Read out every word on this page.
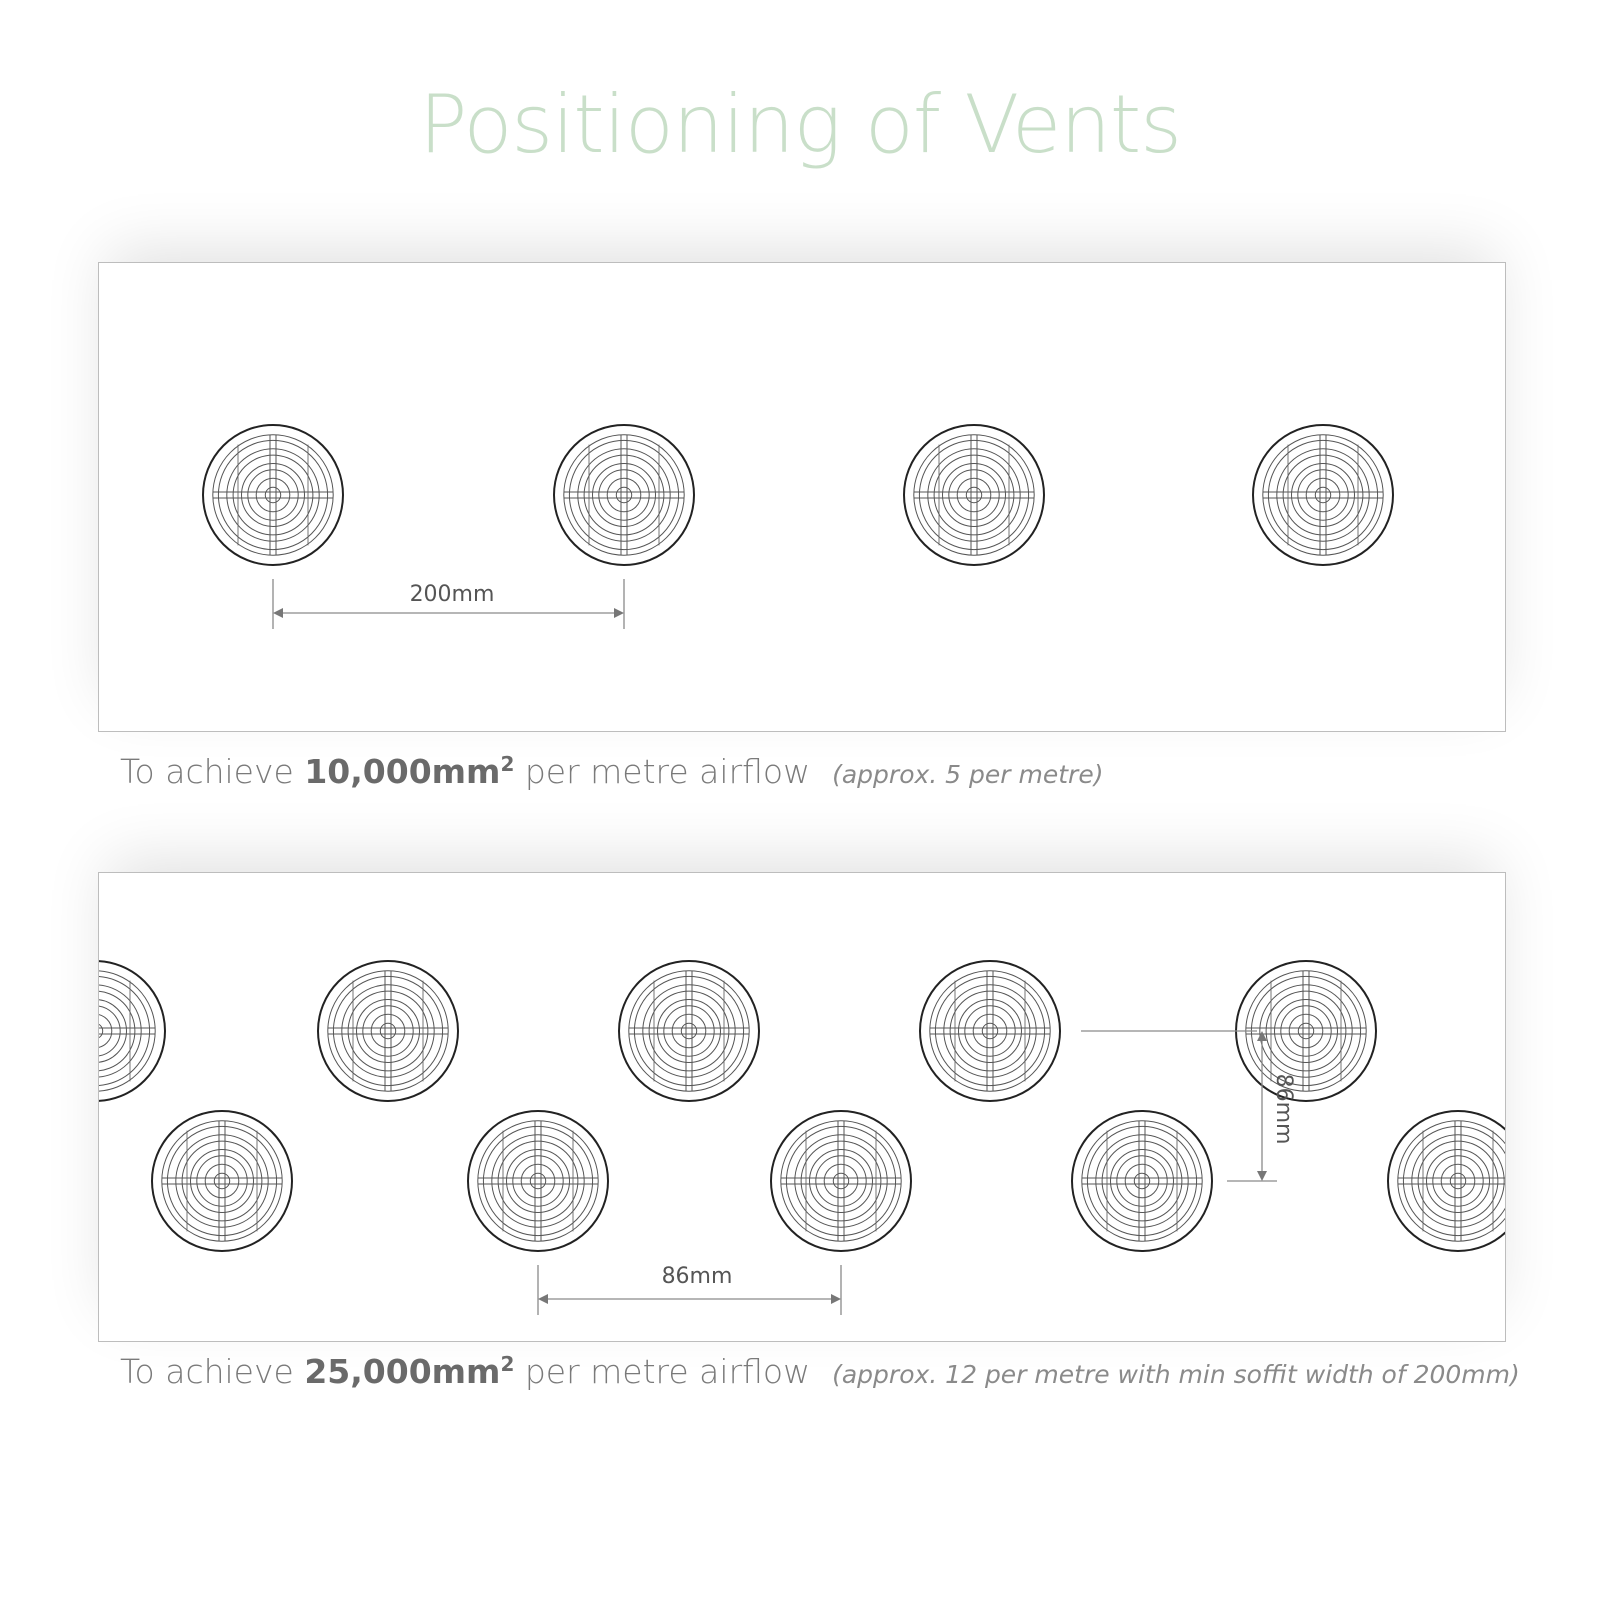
Positioning of Vents
200mm
To achieve $10,000mm^2$ per metre airflow (approx. 5 per metre)
86mm
86mm
To achieve $25,000mm^2$ per metre airflow (approx. 12 per metre with min soffit width of 200mm)
